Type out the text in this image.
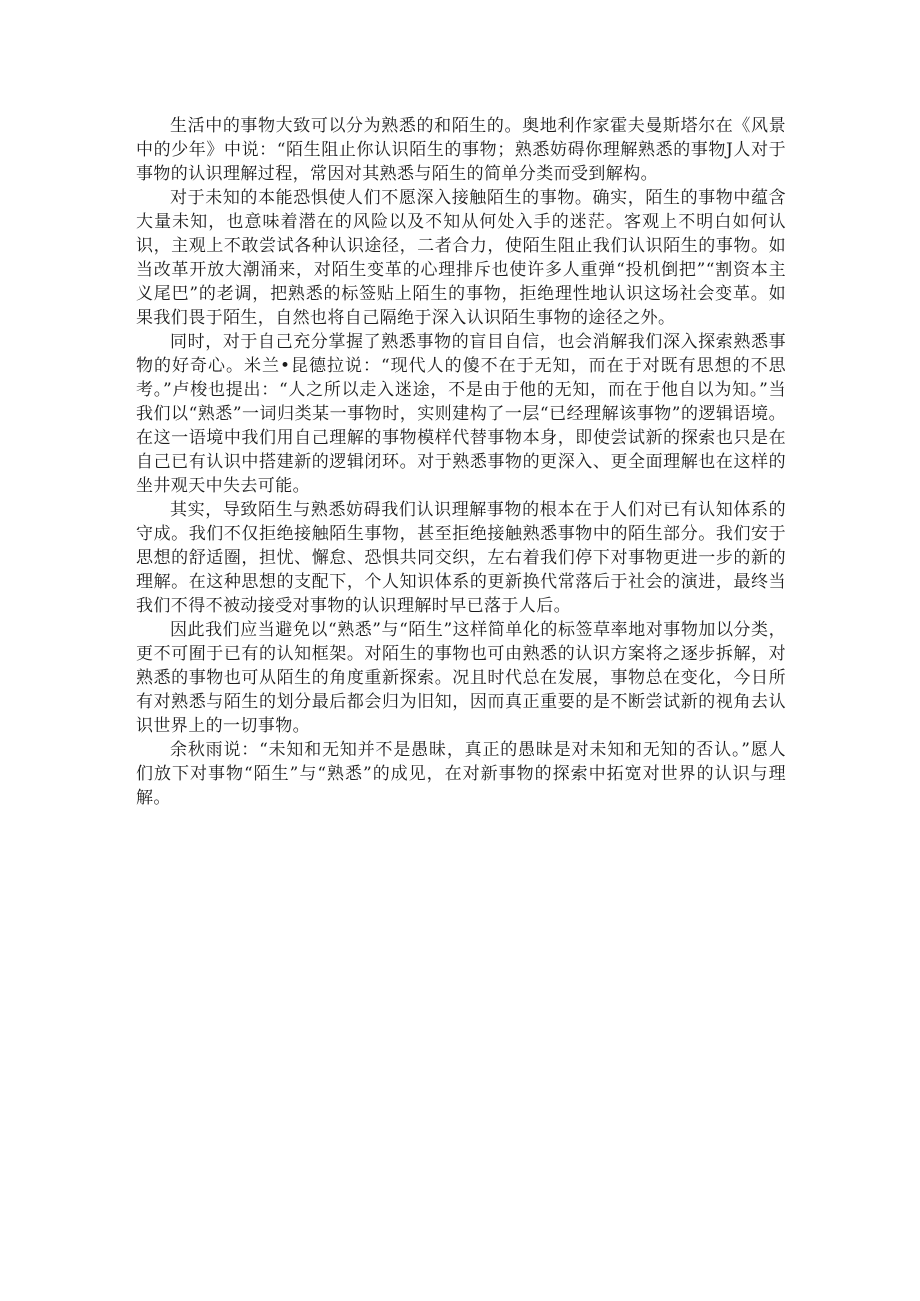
生活中的事物大致可以分为熟悉的和陌生的。奥地利作家霍夫曼斯塔尔在《风景中的少年》中说：“陌生阻止你认识陌生的事物；熟悉妨碍你理解熟悉的事物J人对于事物的认识理解过程，常因对其熟悉与陌生的简单分类而受到解构。

对于未知的本能恐惧使人们不愿深入接触陌生的事物。确实，陌生的事物中蕴含大量未知，也意味着潜在的风险以及不知从何处入手的迷茫。客观上不明白如何认识，主观上不敢尝试各种认识途径，二者合力，使陌生阻止我们认识陌生的事物。如当改革开放大潮涌来，对陌生变革的心理排斥也使许多人重弹“投机倒把”“割资本主义尾巴”的老调，把熟悉的标签贴上陌生的事物，拒绝理性地认识这场社会变革。如果我们畏于陌生，自然也将自己隔绝于深入认识陌生事物的途径之外。

同时，对于自己充分掌握了熟悉事物的盲目自信，也会消解我们深入探索熟悉事物的好奇心。米兰•昆德拉说：“现代人的傻不在于无知，而在于对既有思想的不思考。”卢梭也提出：“人之所以走入迷途，不是由于他的无知，而在于他自以为知。”当我们以“熟悉”一词归类某一事物时，实则建构了一层“已经理解该事物”的逻辑语境。在这一语境中我们用自己理解的事物模样代替事物本身，即使尝试新的探索也只是在自己已有认识中搭建新的逻辑闭环。对于熟悉事物的更深入、更全面理解也在这样的坐井观天中失去可能。

其实，导致陌生与熟悉妨碍我们认识理解事物的根本在于人们对已有认知体系的守成。我们不仅拒绝接触陌生事物，甚至拒绝接触熟悉事物中的陌生部分。我们安于思想的舒适圈，担忧、懈怠、恐惧共同交织，左右着我们停下对事物更进一步的新的理解。在这种思想的支配下，个人知识体系的更新换代常落后于社会的演进，最终当我们不得不被动接受对事物的认识理解时早已落于人后。

因此我们应当避免以“熟悉”与“陌生”这样简单化的标签草率地对事物加以分类，更不可囿于已有的认知框架。对陌生的事物也可由熟悉的认识方案将之逐步拆解，对熟悉的事物也可从陌生的角度重新探索。况且时代总在发展，事物总在变化，今日所有对熟悉与陌生的划分最后都会归为旧知，因而真正重要的是不断尝试新的视角去认识世界上的一切事物。

余秋雨说：“未知和无知并不是愚昧，真正的愚昧是对未知和无知的否认。”愿人们放下对事物“陌生”与“熟悉”的成见，在对新事物的探索中拓宽对世界的认识与理解。
